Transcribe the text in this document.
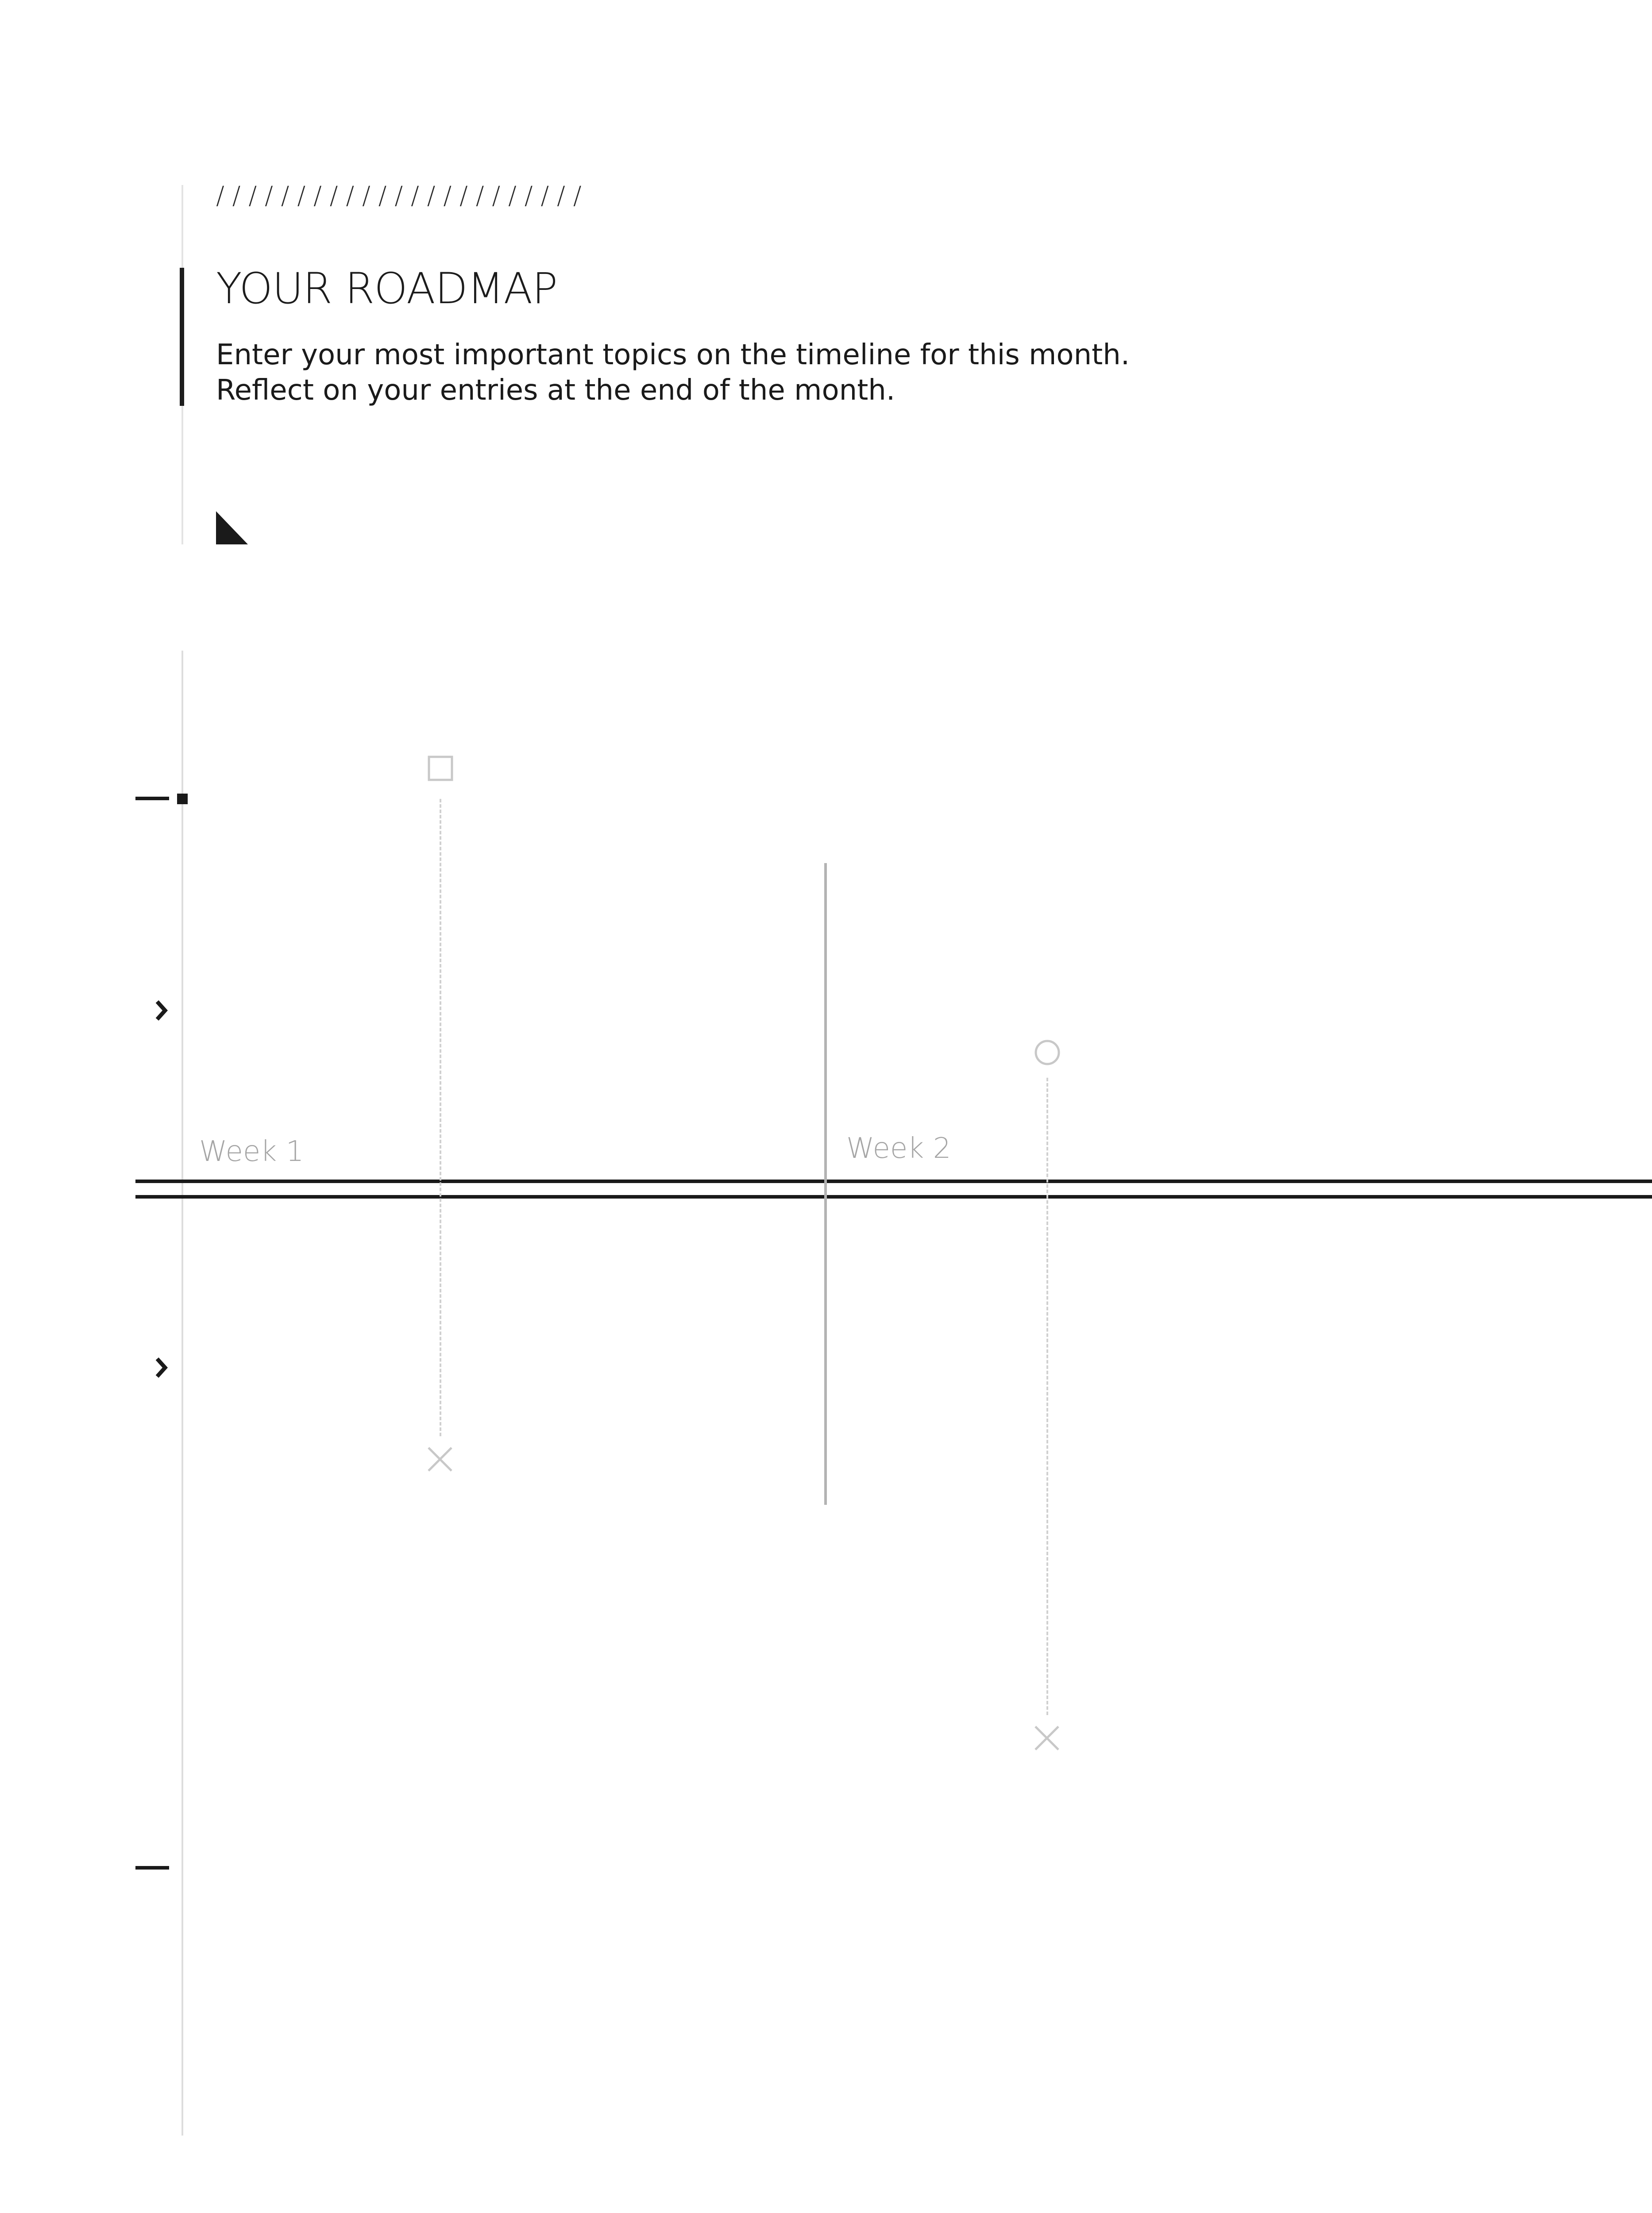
/ / / / / / / / / / / / / / / / / / / / / / /
YOUR ROADMAP
Enter your most important topics on the timeline for this month.
Reflect on your entries at the end of the month.
Week 1	Week 2
